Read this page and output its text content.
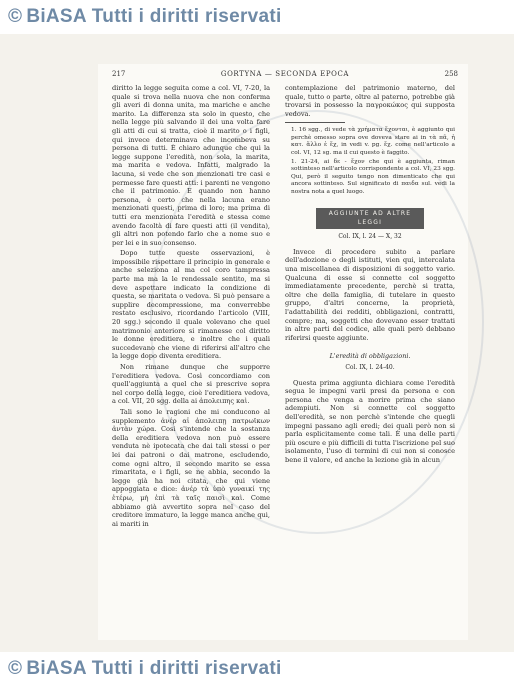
© BiASA Tutti i diritti riservati
217	GORTYNA — SECONDA EPOCA	258

diritto la legge seguita come a col. VI, 7-20, la quale si trova nella nuova che non conferma gli averi di donna unita, ma mariche e anche marito. La differenza sta solo in questo, che nella legge più salvando il dei una volta fare gli atti di cui si tratta, cioè il marito o i figli, qui invece determinava che incombeva su persona di tutti. È chiaro adunque che qui la legge suppone l'eredità, non sola, la marita, ma marita e vedova. Infatti, malgrado la lacuna, si vede che son menzionati tre casi e permesse fare questi atti: i parenti ne vengono che il patrimonio. E quando non hanno persona, è certo che nella lacuna erano menzionati questi, prima di loro; ma prima di tutti era menzionata l'eredità e stessa come avendo facoltà di fare questi atti (il vendita), gli altri non potendo farlo che a nome suo e per lei e in suo consenso.

Dopo tutte queste osservazioni, è impossibile rispettare il principio in generale e anche seleziona al ma col coro tampressa parte ma ma la le rendessale sentito, ma si deve aspettare indicato la condizione di questa, se maritata o vedova. Si può pensare a supplire decompressione, ma converrebbe restato esclusivo, ricordando l'articolo (VIII, 20 sgg.) secondo il quale volevano che quel matrimonio anteriore si rimanesse col diritto le donne ereditiera, e inoltre che i quali succedevano che viene di riferirsi all'altro che la legge dopo diventa ereditiera.

Non rimane dunque che supporre l'ereditiera vedova. Così concordiamo con quell'aggiunta a quel che si prescrive sopra nel corpo della legge, cioè l'ereditiera vedova, a col. VII, 20 sgg. della ai ἀπολειπης καὶ.

Tali sono le ragioni che mi conducono al supplemento ἀνέρ αἰ ἀπολειπῃ πατρωϊκων ἀντὰν χώρα. Così s'intende che la sostanza della ereditiera vedova non può essere venduta nè ipotecata che dai tali stessi o per lei dai patroni o dai matrone, escludendo, come ogni altro, il secondo marito se essa rimaritata, e i figli, se ne abbia, secondo la legge già ha noi citata, che qui viene appoggiata e dice: ἀνέρ τὰ ὑπὸ γυναικί της ἐτέρω, μὴ ἐπὶ τὰ ταῖς παισὶ καὶ. Come abbiamo già avvertito sopra nel caso del creditore immaturo, la legge manca anche qui, ai mariti in

contemplazione del patrimonio materno, del quale, tutto o parte, oltre al paterno, potrebbe già trovarsi in possesso la παγροκώκος qui supposta vedova.

1. 16 sgg., di vede τὰ χρήματα ἔχονται, è aggiunto qui perchè omesso sopra ove doveva stare ai in τὰ πᾶ, ἡ κατ. ἄλλο ἐ ἔχ, in vedi v. pg. ἔχ. come nell'articolo a col. VI, 12 sg. ma il cui questo è faggito.

1. 21-24, ai δε - ἔχον che qui è aggiunta, riman sottinteso nell'articolo corrispondente a col. VI, 23 sgg. Qui, però il seguito tengo non dimenticato che qui ancora sottinteso. Sul significato di παιδα sul. vedi la nostra nota a quel luogo.

AGGIUNTE AD ALTRE LEGGI
Col. IX, l. 24 — X, 32

Invece di procedere subito a parlare dell'adozione o degli istituti, vien qui, intercalata una miscellanea di disposizioni di soggetto vario. Qualcuna di esse si connette col soggetto immediatamente precedente, perchè si tratta, oltre che della famiglia, di tutelare in questo gruppo, d'altri concerne, la proprietà, l'adattabilità dei redditi, obbligazioni, contratti, compre; ma, soggetti che dovevano esser trattati in altre parti del codice, alle quali però debbano riferirsi queste aggiunte.

L'eredità di obbligazioni.
Col. IX, l. 24-40.

Questa prima aggiunta dichiara come l'eredità segua le impegni varii presi da persona e con persona che venga a morire prima che siano adempiuti. Non si connette col soggetto dell'eredità, se non perchè s'intende che quegli impegni passano agli eredi; dei quali però non si parla esplicitamente come tali. È una delle parti più oscure e più difficili di tutta l'iscrizione pel suo isolamento, l'uso di termini di cui non si conosce bene il valore, ed anche la lezione già in alcun

© BiASA Tutti i diritti riservati
